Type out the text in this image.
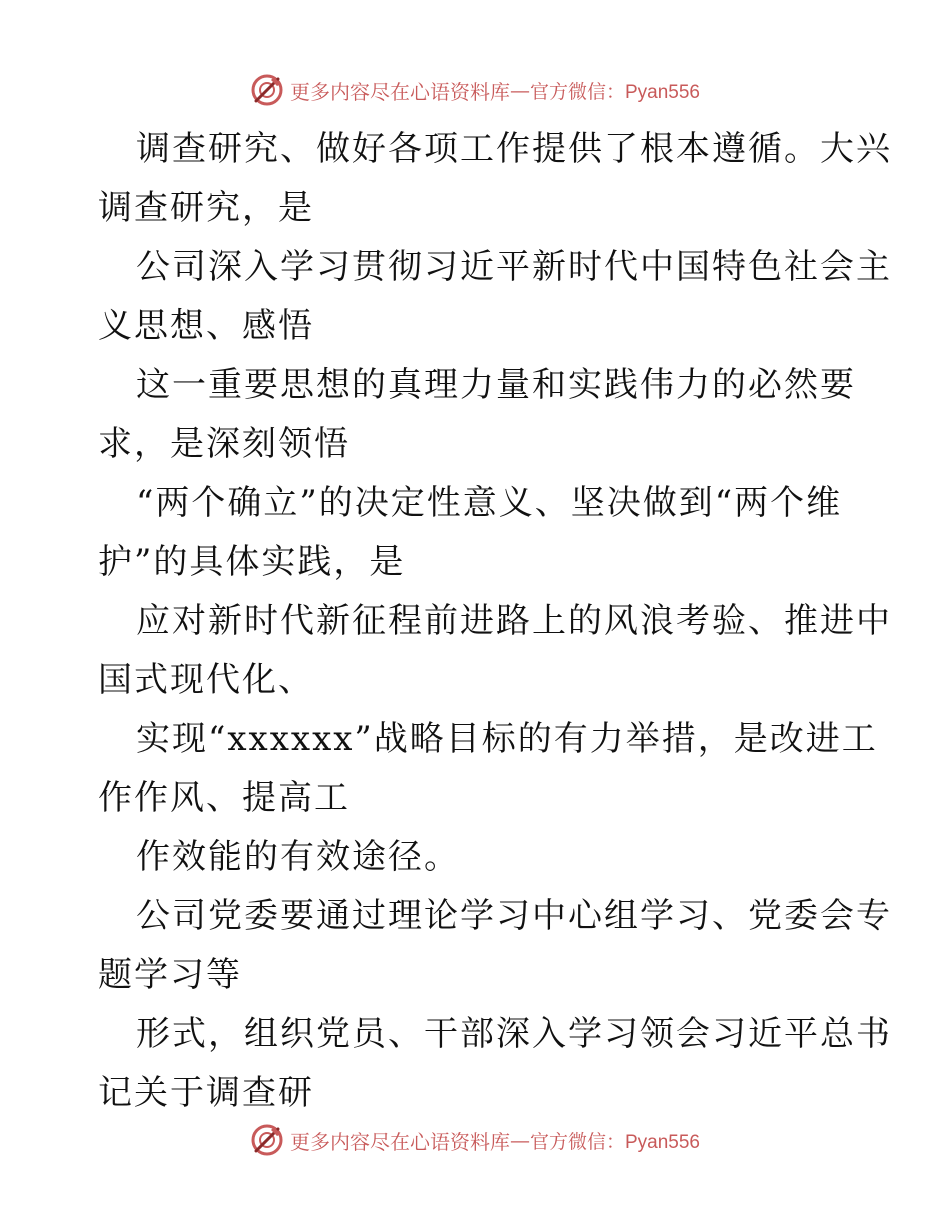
更多内容尽在心语资料库 — 官方微信：Pyan556

调查研究、做好各项工作提供了根本遵循。大兴
调查研究，是

公司深入学习贯彻习近平新时代中国特色社会主
义思想、感悟

这一重要思想的真理力量和实践伟力的必然要
求，是深刻领悟

“两个确立”的决定性意义、坚决做到“两个维
护”的具体实践，是

应对新时代新征程前进路上的风浪考验、推进中
国式现代化、

实现“xxxxxx”战略目标的有力举措，是改进工
作作风、提高工

作效能的有效途径。

公司党委要通过理论学习中心组学习、党委会专
题学习等

形式，组织党员、干部深入学习领会习近平总书
记关于调查研

更多内容尽在心语资料库 — 官方微信：Pyan556
